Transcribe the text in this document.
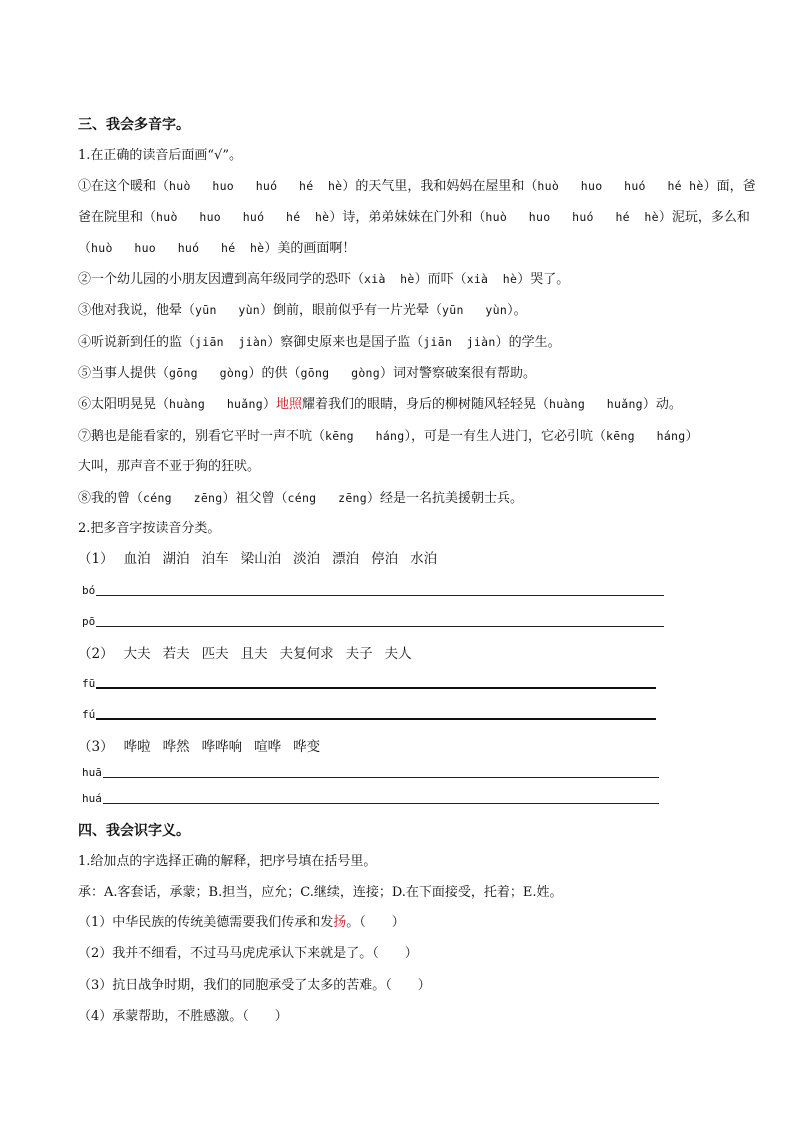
三、我会多音字。
1.在正确的读音后面画“√”。
①在这个暖和（huò huo huó hé hè）的天气里，我和妈妈在屋里和（huò huo huó hé hè）面，爸
爸在院里和（huò huo huó hé hè）诗，弟弟妹妹在门外和（huò huo huó hé hè）泥玩，多么和
（huò huo huó hé hè）美的画面啊！
②一个幼儿园的小朋友因遭到高年级同学的恐吓（xià hè）而吓（xià hè）哭了。
③他对我说，他晕（yūn yùn）倒前，眼前似乎有一片光晕（yūn yùn）。
④听说新到任的监（jiān jiàn）察御史原来也是国子监（jiān jiàn）的学生。
⑤当事人提供（gōng gòng）的供（gōng gòng）词对警察破案很有帮助。
⑥太阳明晃晃（huàng huǎng）地照耀着我们的眼睛，身后的柳树随风轻轻晃（huàng huǎng）动。
⑦鹅也是能看家的，别看它平时一声不吭（kēng háng），可是一有生人进门，它必引吭（kēng háng）
大叫，那声音不亚于狗的狂吠。
⑧我的曾（céng zēng）祖父曾（céng zēng）经是一名抗美援朝士兵。
2.把多音字按读音分类。
（1） 血泊 湖泊 泊车 梁山泊 淡泊 漂泊 停泊 水泊
bó
pō
（2） 大夫 若夫 匹夫 且夫 夫复何求 夫子 夫人
fū
fú
（3） 哗啦 哗然 哗哗响 喧哗 哗变
huā
huá
四、我会识字义。
1.给加点的字选择正确的解释，把序号填在括号里。
承：A.客套话，承蒙；B.担当，应允；C.继续，连接；D.在下面接受，托着；E.姓。
（1）中华民族的传统美德需要我们传承和发扬。（　　）
（2）我并不细看，不过马马虎虎承认下来就是了。（　　）
（3）抗日战争时期，我们的同胞承受了太多的苦难。（　　）
（4）承蒙帮助，不胜感激。（　　）
